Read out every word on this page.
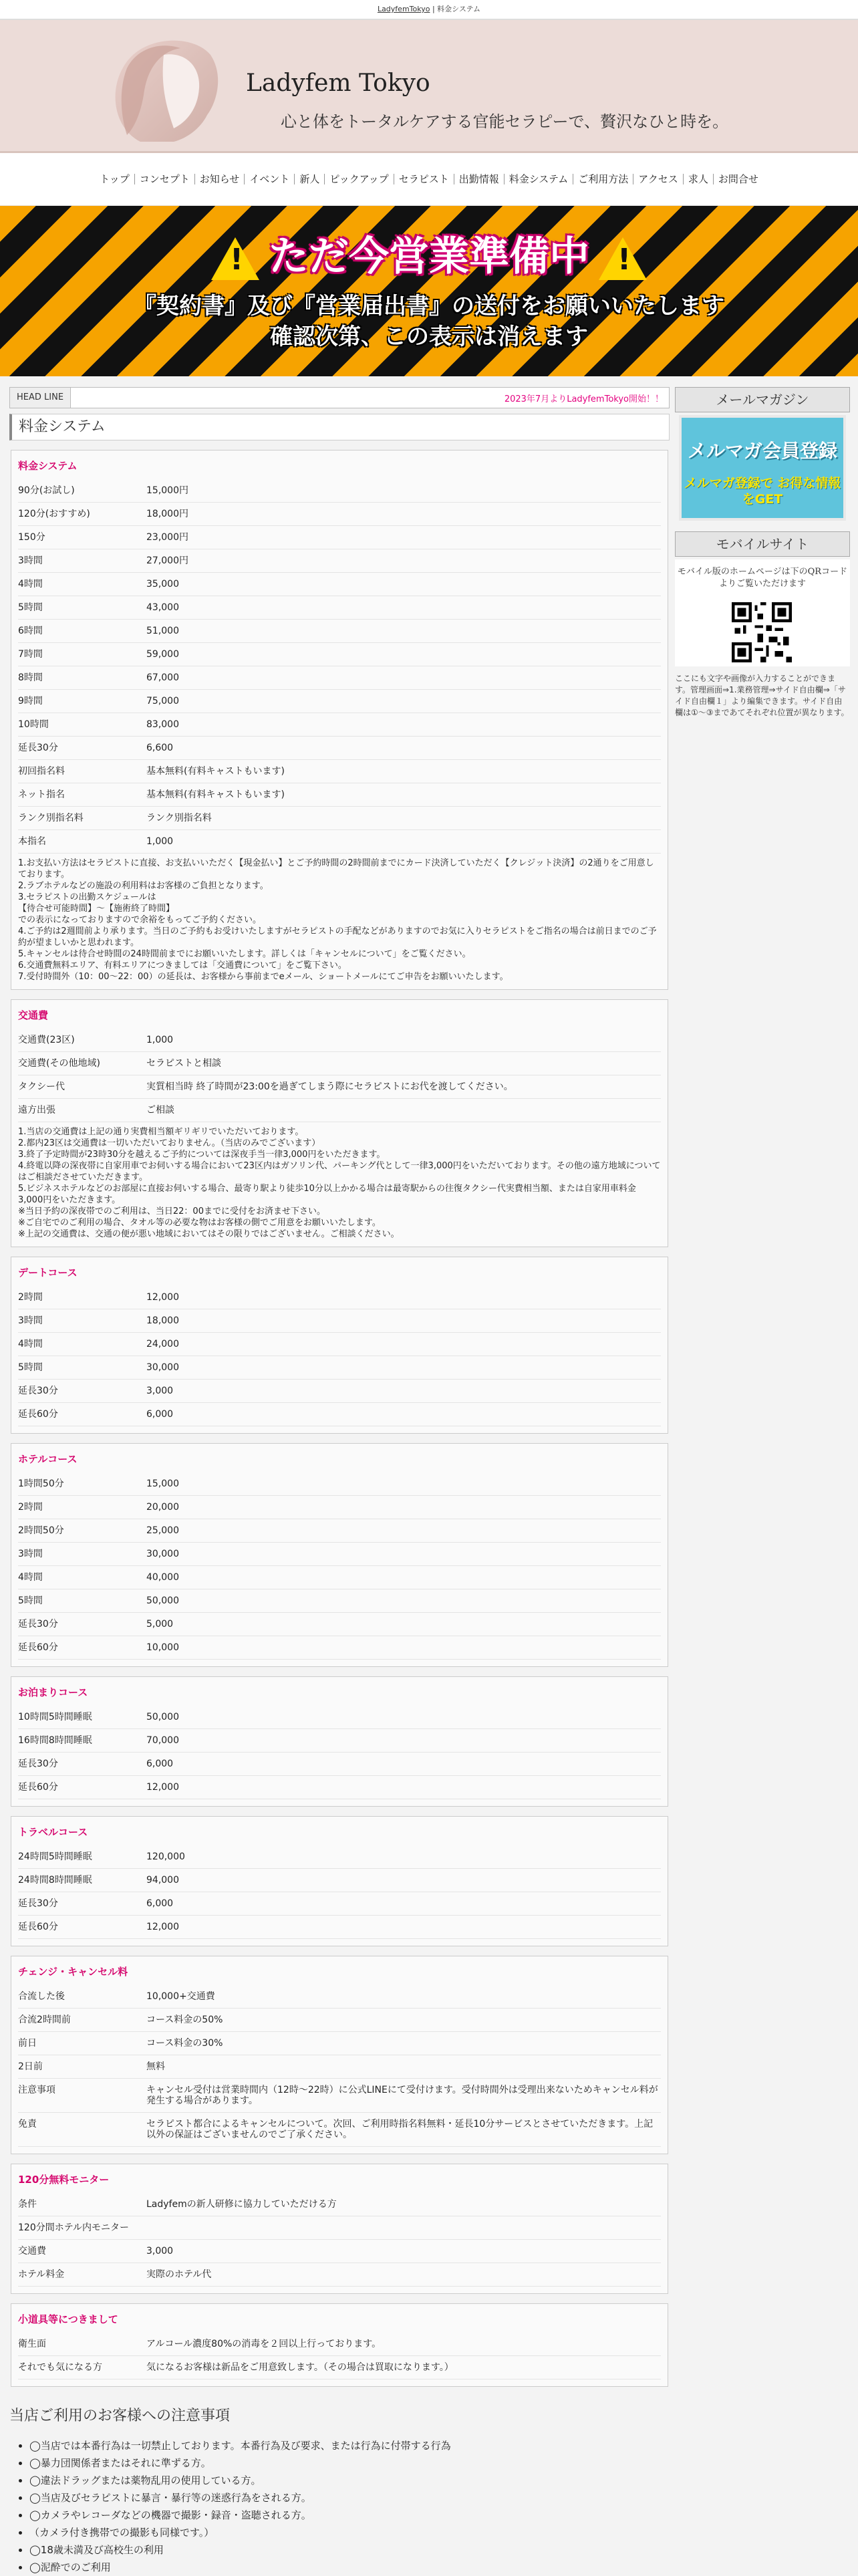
LadyfemTokyo | 料金システム
Ladyfem Tokyo
心と体をトータルケアする官能セラピーで、贅沢なひと時を。
トップ	コンセプト	お知らせ	イベント	新人	ピックアップ	セラピスト	出勤情報	料金システム	ご利用方法	アクセス	求人	お問合せ
! ただ今営業準備中 !
『契約書』及び『営業届出書』の送付をお願いいたします
確認次第、この表示は消えます
HEAD LINE	2023年7月よりLadyfemTokyo開始！！
料金システム
料金システム
90分(お試し)	15,000円
120分(おすすめ)	18,000円
150分	23,000円
3時間	27,000円
4時間	35,000
5時間	43,000
6時間	51,000
7時間	59,000
8時間	67,000
9時間	75,000
10時間	83,000
延長30分	6,600
初回指名料	基本無料(有料キャストもいます)
ネット指名	基本無料(有料キャストもいます)
ランク別指名料	ランク別指名料
本指名	1,000
1.お支払い方法はセラピストに直接、お支払いいただく【現金払い】とご予約時間の2時間前までにカード決済していただく【クレジット決済】の2通りをご用意しております。
2.ラブホテルなどの施設の利用料はお客様のご負担となります。
3.セラピストの出勤スケジュールは
【待合せ可能時間】〜【施術終了時間】
での表示になっておりますので余裕をもってご予約ください。
4.ご予約は2週間前より承ります。当日のご予約もお受けいたしますがセラピストの手配などがありますのでお気に入りセラピストをご指名の場合は前日までのご予約が望ましいかと思われます。
5.キャンセルは待合せ時間の24時間前までにお願いいたします。詳しくは「キャンセルについて」をご覧ください。
6.交通費無料エリア、有料エリアにつきましては「交通費について」をご覧下さい。
7.受付時間外（10：00〜22：00）の延長は、お客様から事前までeメール、ショートメールにてご申告をお願いいたします。
交通費
交通費(23区)	1,000
交通費(その他地域)	セラピストと相談
タクシー代	実質相当時 終了時間が23:00を過ぎてしまう際にセラピストにお代を渡してください。
遠方出張	ご相談
1.当店の交通費は上記の通り実費相当額ギリギリでいただいております。
2.都内23区は交通費は一切いただいておりません。（当店のみでございます）
3.終了予定時間が23時30分を越えるご予約については深夜手当一律3,000円をいただきます。
4.終電以降の深夜帯に自家用車でお伺いする場合において23区内はガソリン代、パーキング代として一律3,000円をいただいております。その他の遠方地域についてはご相談ださせていただきます。
5.ビジネスホテルなどのお部屋に直接お伺いする場合、最寄り駅より徒歩10分以上かかる場合は最寄駅からの往復タクシー代実費相当額、または自家用車料金3,000円をいただきます。
※当日予約の深夜帯でのご利用は、当日22：00までに受付をお済ませ下さい。
※ご自宅でのご利用の場合、タオル等の必要な物はお客様の側でご用意をお願いいたします。
※上記の交通費は、交通の便が悪い地域においてはその限りではございません。ご相談ください。
デートコース
2時間	12,000
3時間	18,000
4時間	24,000
5時間	30,000
延長30分	3,000
延長60分	6,000
ホテルコース
1時間50分	15,000
2時間	20,000
2時間50分	25,000
3時間	30,000
4時間	40,000
5時間	50,000
延長30分	5,000
延長60分	10,000
お泊まりコース
10時間5時間睡眠	50,000
16時間8時間睡眠	70,000
延長30分	6,000
延長60分	12,000
トラベルコース
24時間5時間睡眠	120,000
24時間8時間睡眠	94,000
延長30分	6,000
延長60分	12,000
チェンジ・キャンセル料
合流した後	10,000+交通費
合流2時間前	コース料金の50%
前日	コース料金の30%
2日前	無料
注意事項	キャンセル受付は営業時間内（12時〜22時）に公式LINEにて受付けます。受付時間外は受理出来ないためキャンセル料が発生する場合があります。
免責	セラピスト都合によるキャンセルについて。次回、ご利用時指名料無料・延長10分サービスとさせていただきます。上記以外の保証はございませんのでご了承ください。
120分無料モニター
条件	Ladyfemの新人研修に協力していただける方
120分間ホテル内モニター
交通費	3,000
ホテル料金	実際のホテル代
小道具等につきまして
衛生面	アルコール濃度80%の消毒を２回以上行っております。
それでも気になる方	気になるお客様は新品をご用意致します。（その場合は買取になります。）
当店ご利用のお客様への注意事項
• ◯当店では本番行為は一切禁止しております。本番行為及び要求、または行為に付帯する行為
• ◯暴力団関係者またはそれに準ずる方。
• ◯違法ドラッグまたは薬物乱用の使用している方。
• ◯当店及びセラピストに暴言・暴行等の迷惑行為をされる方。
• ◯カメラやレコーダなどの機器で撮影・録音・盗聴される方。
• （カメラ付き携帯での撮影も同様です。）
• ◯18歳未満及び高校生の利用
• ◯泥酔でのご利用
メールマガジン
メルマガ会員登録
メルマガ登録で お得な情報をGET
モバイルサイト
モバイル版のホームページは下のQRコードよりご覧いただけます
ここにも文字や画像が入力することができます。管理画面⇒1.業務管理⇒サイド自由欄⇒「サイド自由欄１」より編集できます。サイド自由欄は①〜③まであてそれぞれ位置が異なります。
